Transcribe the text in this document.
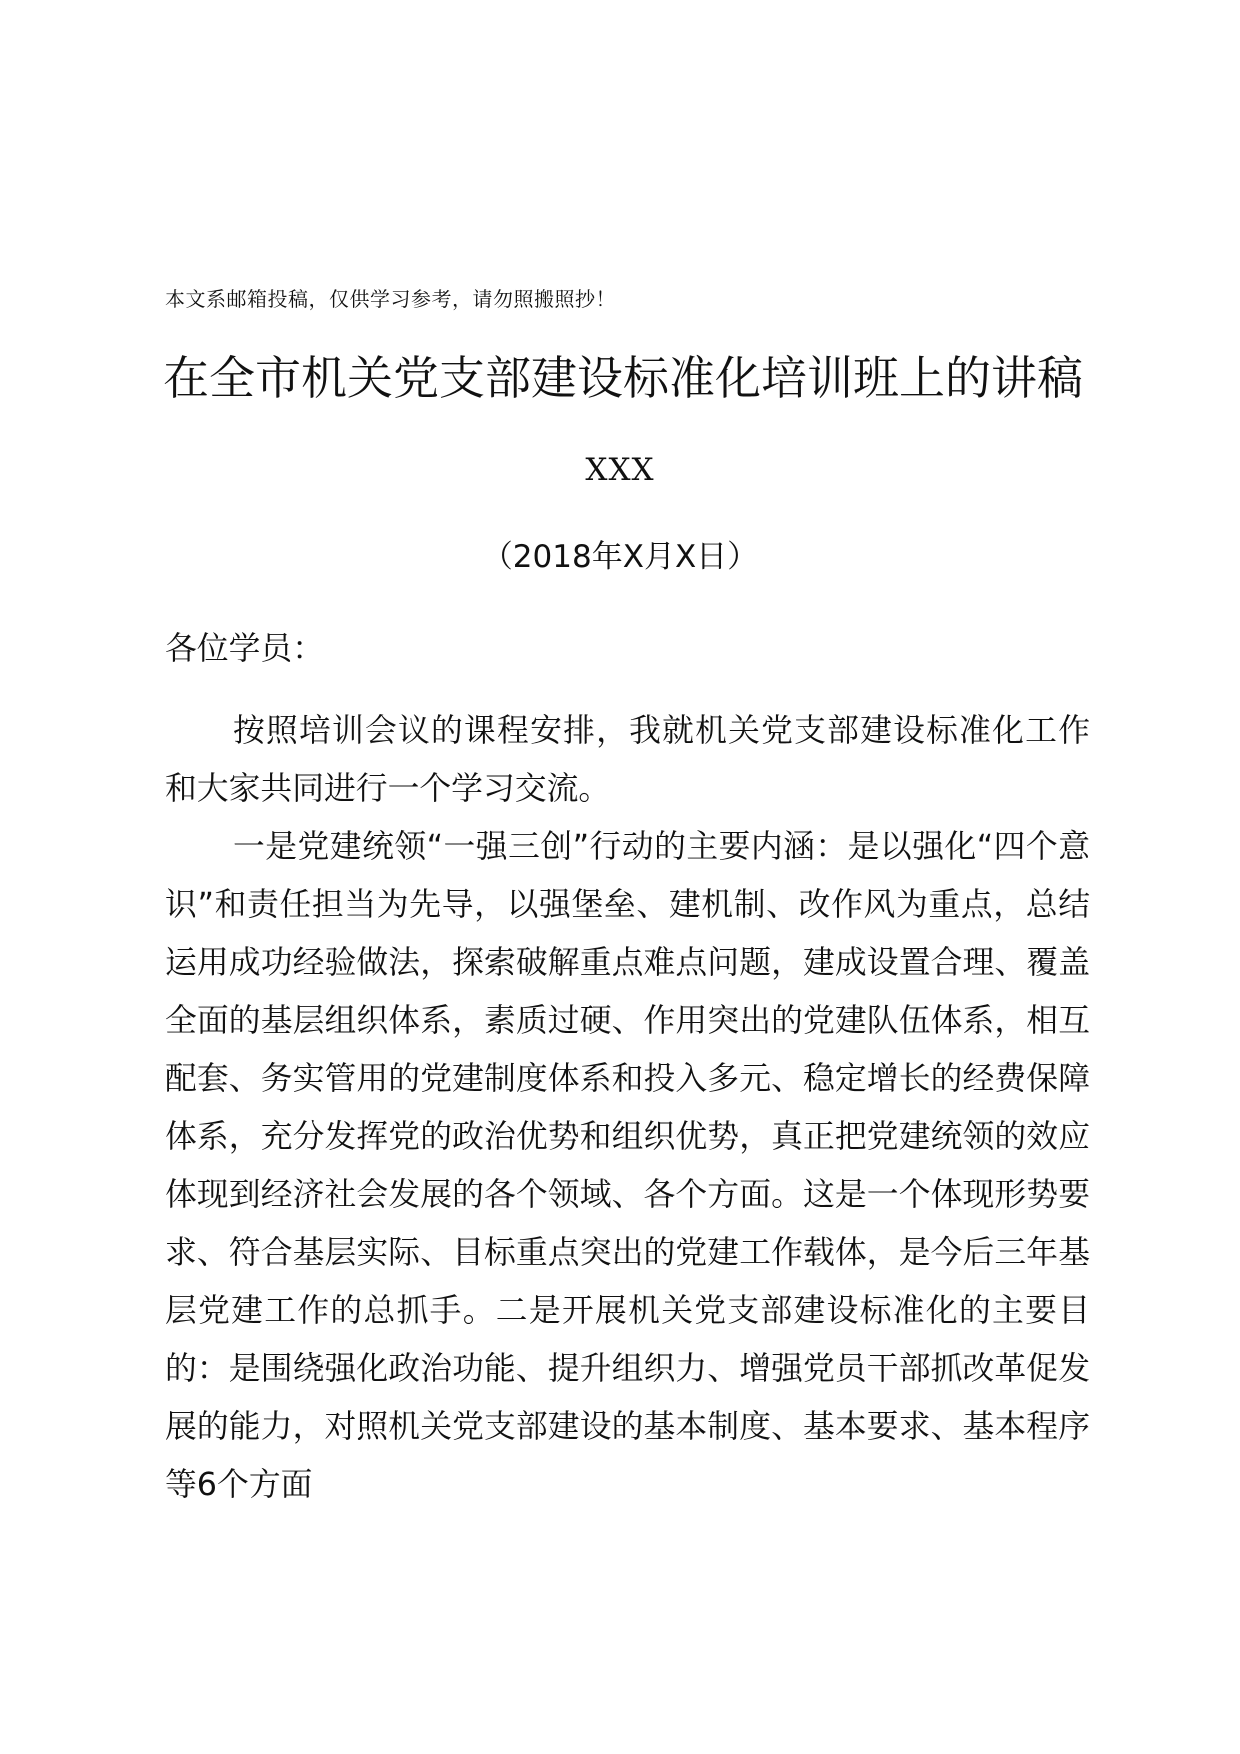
本文系邮箱投稿，仅供学习参考，请勿照搬照抄！
在全市机关党支部建设标准化培训班上的讲稿
XXX
（2018年X月X日）
各位学员：
按照培训会议的课程安排，我就机关党支部建设标准化工作和大家共同进行一个学习交流。
一是党建统领“一强三创”行动的主要内涵：是以强化“四个意识”和责任担当为先导，以强堡垒、建机制、改作风为重点，总结运用成功经验做法，探索破解重点难点问题，建成设置合理、覆盖全面的基层组织体系，素质过硬、作用突出的党建队伍体系，相互配套、务实管用的党建制度体系和投入多元、稳定增长的经费保障体系，充分发挥党的政治优势和组织优势，真正把党建统领的效应体现到经济社会发展的各个领域、各个方面。这是一个体现形势要求、符合基层实际、目标重点突出的党建工作载体，是今后三年基层党建工作的总抓手。二是开展机关党支部建设标准化的主要目的：是围绕强化政治功能、提升组织力、增强党员干部抓改革促发展的能力，对照机关党支部建设的基本制度、基本要求、基本程序等6个方面
